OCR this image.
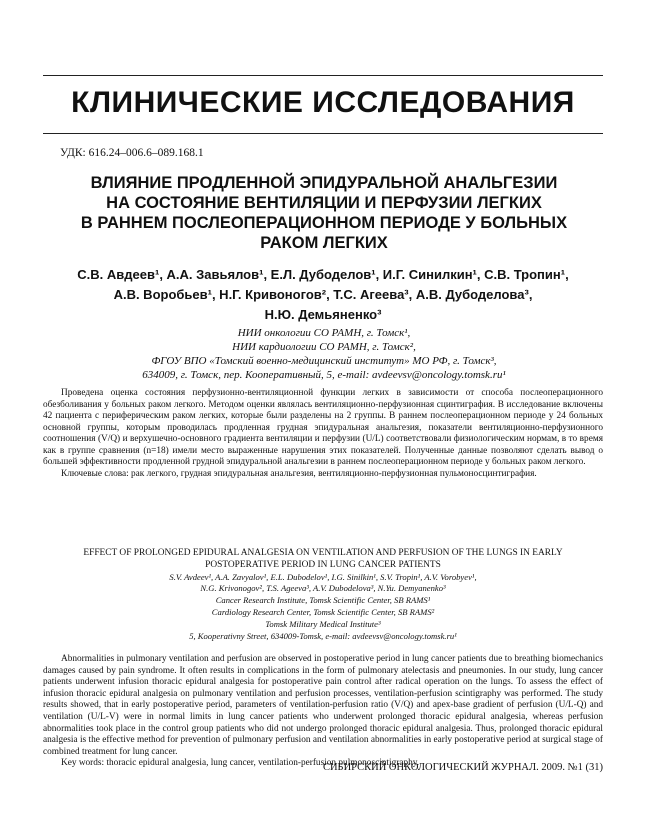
КЛИНИЧЕСКИЕ ИССЛЕДОВАНИЯ
УДК: 616.24–006.6–089.168.1
ВЛИЯНИЕ ПРОДЛЕННОЙ ЭПИДУРАЛЬНОЙ АНАЛЬГЕЗИИ
НА СОСТОЯНИЕ ВЕНТИЛЯЦИИ И ПЕРФУЗИИ ЛЕГКИХ
В РАННЕМ ПОСЛЕОПЕРАЦИОННОМ ПЕРИОДЕ У БОЛЬНЫХ
РАКОМ ЛЕГКИХ
С.В. Авдеев¹, А.А. Завьялов¹, Е.Л. Дубоделов¹, И.Г. Синилкин¹, С.В. Тропин¹,
А.В. Воробьев¹, Н.Г. Кривоногов², Т.С. Агеева³, А.В. Дубоделова³,
Н.Ю. Демьяненко³
НИИ онкологии СО РАМН, г. Томск¹,
НИИ кардиологии СО РАМН, г. Томск²,
ФГОУ ВПО «Томский военно-медицинский институт» МО РФ, г. Томск³,
634009, г. Томск, пер. Кооперативный, 5, e-mail: avdeevsv@oncology.tomsk.ru¹

Проведена оценка состояния перфузионно-вентиляционной функции легких в зависимости от способа послеоперационного обезболивания у больных раком легкого. Методом оценки являлась вентиляционно-перфузионная сцинтиграфия. В исследование включены 42 пациента с периферическим раком легких, которые были разделены на 2 группы. В раннем послеоперационном периоде у 24 больных основной группы, которым проводилась продленная грудная эпидуральная анальгезия, показатели вентиляционно-перфузионного соотношения (V/Q) и верхушечно-основного градиента вентиляции и перфузии (U/L) соответствовали физиологическим нормам, в то время как в группе сравнения (n=18) имели место выраженные нарушения этих показателей. Полученные данные позволяют сделать вывод о большей эффективности продленной грудной эпидуральной анальгезии в раннем послеоперационном периоде у больных раком легкого.

Ключевые слова: рак легкого, грудная эпидуральная анальгезия, вентиляционно-перфузионная пульмоносцинтиграфия.

EFFECT OF PROLONGED EPIDURAL ANALGESIA ON VENTILATION AND PERFUSION OF THE LUNGS IN EARLY
POSTOPERATIVE PERIOD IN LUNG CANCER PATIENTS
S.V. Avdeev¹, A.A. Zavyalov¹, E.L. Dubodelov¹, I.G. Sinilkin¹, S.V. Tropin¹, A.V. Vorobyev¹,
N.G. Krivonogov², T.S. Ageeva³, A.V. Dubodelova³, N.Yu. Demyanenko³
Cancer Research Institute, Tomsk Scientific Center, SB RAMS¹
Cardiology Research Center, Tomsk Scientific Center, SB RAMS²
Tomsk Military Medical Institute³
5, Kooperativny Street, 634009-Tomsk, e-mail: avdeevsv@oncology.tomsk.ru¹

Abnormalities in pulmonary ventilation and perfusion are observed in postoperative period in lung cancer patients due to breathing biomechanics damages caused by pain syndrome. It often results in complications in the form of pulmonary atelectasis and pneumonies. In our study, lung cancer patients underwent infusion thoracic epidural analgesia for postoperative pain control after radical operation on the lungs. To assess the effect of infusion thoracic epidural analgesia on pulmonary ventilation and perfusion processes, ventilation-perfusion scintigraphy was performed. The study results showed, that in early postoperative period, parameters of ventilation-perfusion ratio (V/Q) and apex-base gradient of perfusion (U/L-Q) and ventilation (U/L-V) were in normal limits in lung cancer patients who underwent prolonged thoracic epidural analgesia, whereas perfusion abnormalities took place in the control group patients who did not undergo prolonged thoracic epidural analgesia. Thus, prolonged thoracic epidural analgesia is the effective method for prevention of pulmonary perfusion and ventilation abnormalities in early postoperative period at surgical stage of combined treatment for lung cancer.

Key words: thoracic epidural analgesia, lung cancer, ventilation-perfusion pulmonoscintigraphy.

СИБИРСКИЙ ОНКОЛОГИЧЕСКИЙ ЖУРНАЛ. 2009. №1 (31)
